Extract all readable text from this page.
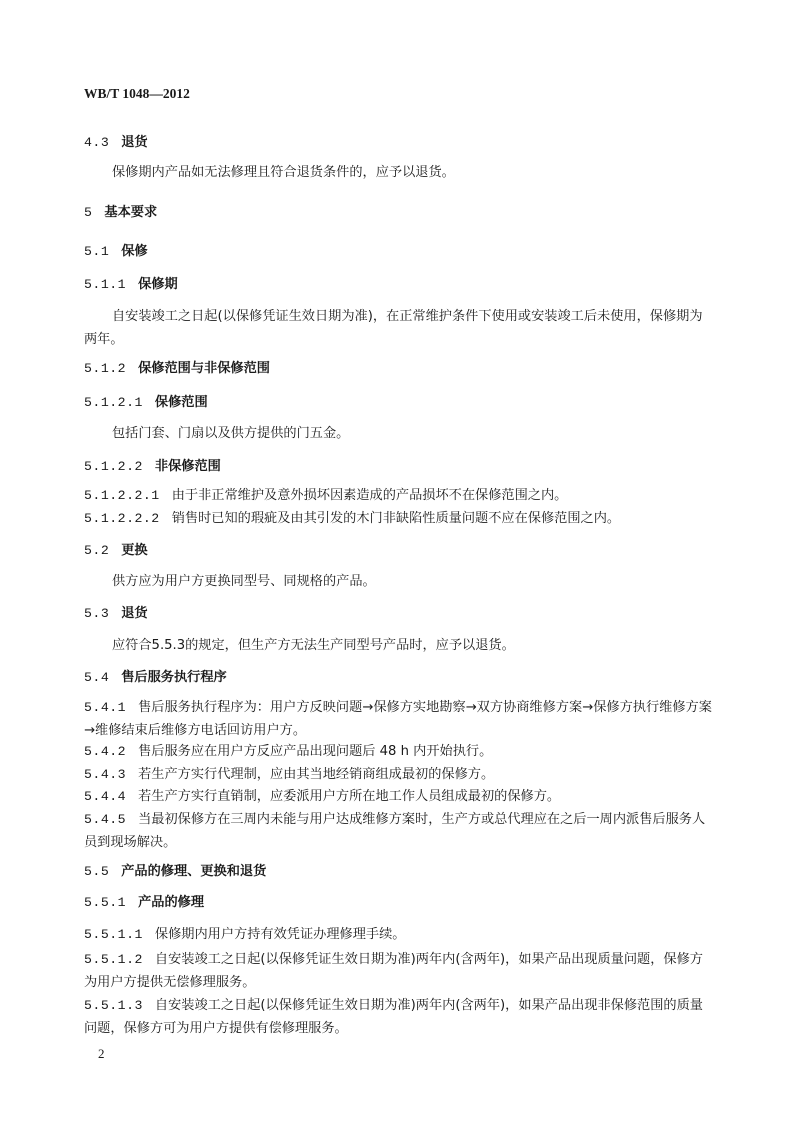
WB/T 1048—2012
4.3 退货
保修期内产品如无法修理且符合退货条件的，应予以退货。
5 基本要求
5.1 保修
5.1.1 保修期
自安装竣工之日起(以保修凭证生效日期为准)，在正常维护条件下使用或安装竣工后未使用，保修期为两年。
5.1.2 保修范围与非保修范围
5.1.2.1 保修范围
包括门套、门扇以及供方提供的门五金。
5.1.2.2 非保修范围
5.1.2.2.1 由于非正常维护及意外损坏因素造成的产品损坏不在保修范围之内。
5.1.2.2.2 销售时已知的瑕疵及由其引发的木门非缺陷性质量问题不应在保修范围之内。
5.2 更换
供方应为用户方更换同型号、同规格的产品。
5.3 退货
应符合5.5.3的规定，但生产方无法生产同型号产品时，应予以退货。
5.4 售后服务执行程序
5.4.1 售后服务执行程序为：用户方反映问题→保修方实地勘察→双方协商维修方案→保修方执行维修方案→维修结束后维修方电话回访用户方。
5.4.2 售后服务应在用户方反应产品出现问题后 48 h 内开始执行。
5.4.3 若生产方实行代理制，应由其当地经销商组成最初的保修方。
5.4.4 若生产方实行直销制，应委派用户方所在地工作人员组成最初的保修方。
5.4.5 当最初保修方在三周内未能与用户达成维修方案时，生产方或总代理应在之后一周内派售后服务人员到现场解决。
5.5 产品的修理、更换和退货
5.5.1 产品的修理
5.5.1.1 保修期内用户方持有效凭证办理修理手续。
5.5.1.2 自安装竣工之日起(以保修凭证生效日期为准)两年内(含两年)，如果产品出现质量问题，保修方为用户方提供无偿修理服务。
5.5.1.3 自安装竣工之日起(以保修凭证生效日期为准)两年内(含两年)，如果产品出现非保修范围的质量问题，保修方可为用户方提供有偿修理服务。
2
